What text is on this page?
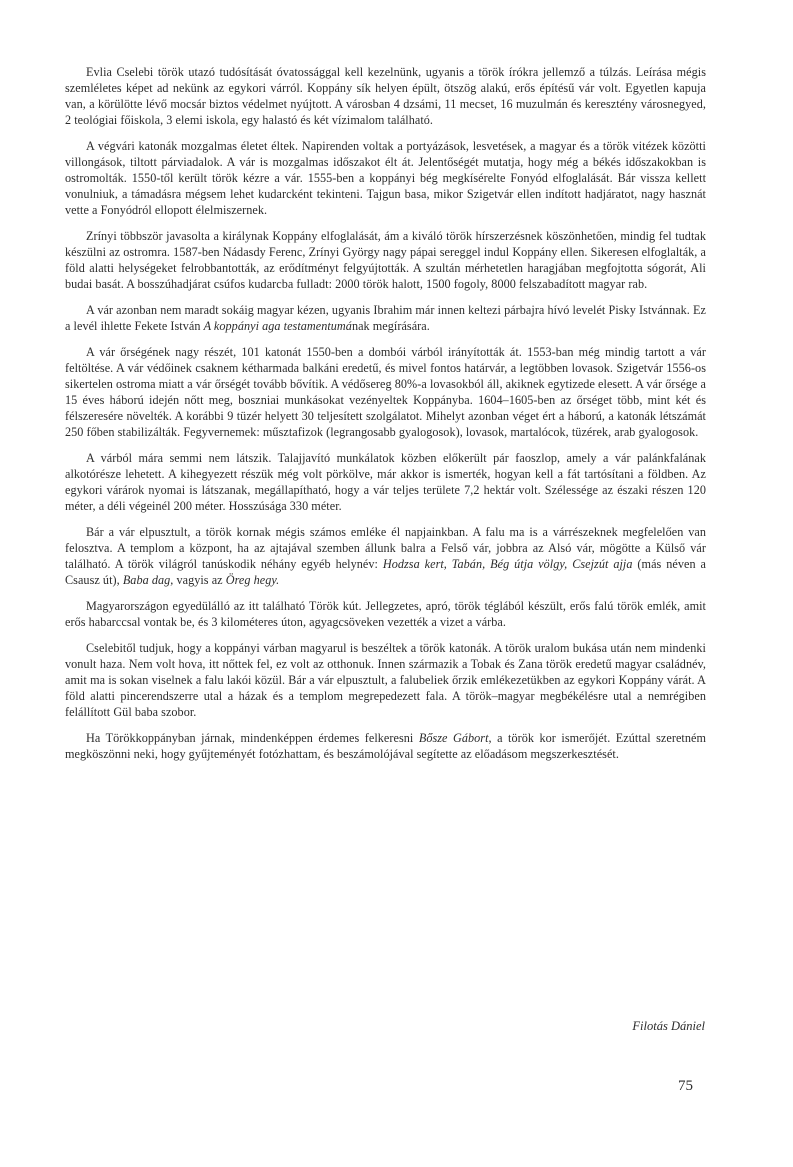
Evlia Cselebi török utazó tudósítását óvatossággal kell kezelnünk, ugyanis a török írókra jellemző a túlzás. Leírása mégis szemléletes képet ad nekünk az egykori várról. Koppány sík helyen épült, ötszög alakú, erős építésű vár volt. Egyetlen kapuja van, a körülötte lévő mocsár biztos védelmet nyújtott. A városban 4 dzsámi, 11 mecset, 16 muzulmán és keresztény városnegyed, 2 teológiai főiskola, 3 elemi iskola, egy halastó és két vízimalom található.

A végvári katonák mozgalmas életet éltek. Napirenden voltak a portyázások, lesvetések, a magyar és a török vitézek közötti villongások, tiltott párviadalok. A vár is mozgalmas időszakot élt át. Jelentőségét mutatja, hogy még a békés időszakokban is ostromolták. 1550-től került török kézre a vár. 1555-ben a koppányi bég megkísérelte Fonyód elfoglalását. Bár vissza kellett vonulniuk, a támadásra mégsem lehet kudarcként tekinteni. Tajgun basa, mikor Szigetvár ellen indított hadjáratot, nagy hasznát vette a Fonyódról ellopott élelmiszernek.

Zrínyi többször javasolta a királynak Koppány elfoglalását, ám a kiváló török hírszerzésnek köszönhetően, mindig fel tudtak készülni az ostromra. 1587-ben Nádasdy Ferenc, Zrínyi György nagy pápai sereggel indul Koppány ellen. Sikeresen elfoglalták, a föld alatti helységeket felrobbantották, az erődítményt felgyújtották. A szultán mérhetetlen haragjában megfojtotta sógorát, Ali budai basát. A bosszúhadjárat csúfos kudarcba fulladt: 2000 török halott, 1500 fogoly, 8000 felszabadított magyar rab.

A vár azonban nem maradt sokáig magyar kézen, ugyanis Ibrahim már innen keltezi párbajra hívó levelét Pisky Istvánnak. Ez a levél ihlette Fekete István A koppányi aga testamentumának megírására.

A vár őrségének nagy részét, 101 katonát 1550-ben a dombói várból irányították át. 1553-ban még mindig tartott a vár feltöltése. A vár védőinek csaknem kétharmada balkáni eredetű, és mivel fontos határvár, a legtöbben lovasok. Szigetvár 1556-os sikertelen ostroma miatt a vár őrségét tovább bővítik. A védősereg 80%-a lovasokból áll, akiknek egytizede elesett. A vár őrsége a 15 éves háború idején nőtt meg, boszniai munkásokat vezényeltek Koppányba. 1604–1605-ben az őrséget több, mint két és félszeresére növelték. A korábbi 9 tüzér helyett 30 teljesített szolgálatot. Mihelyt azonban véget ért a háború, a katonák létszámát 250 főben stabilizálták. Fegyvernemek: műsztafizok (legrangosabb gyalogosok), lovasok, martalócok, tüzérek, arab gyalogosok.

A várból mára semmi nem látszik. Talajjavító munkálatok közben előkerült pár faoszlop, amely a vár palánkfalának alkotórésze lehetett. A kihegyezett részük még volt pörkölve, már akkor is ismerték, hogyan kell a fát tartósítani a földben. Az egykori várárok nyomai is látszanak, megállapítható, hogy a vár teljes területe 7,2 hektár volt. Szélessége az északi részen 120 méter, a déli végeinél 200 méter. Hosszúsága 330 méter.

Bár a vár elpusztult, a török kornak mégis számos emléke él napjainkban. A falu ma is a várrészeknek megfelelően van felosztva. A templom a központ, ha az ajtajával szemben állunk balra a Felső vár, jobbra az Alsó vár, mögötte a Külső vár található. A török világról tanúskodik néhány egyéb helynév: Hodzsa kert, Tabán, Bég útja völgy, Csejzút ajja (más néven a Csausz út), Baba dag, vagyis az Öreg hegy.

Magyarországon egyedülálló az itt található Török kút. Jellegzetes, apró, török téglából készült, erős falú török emlék, amit erős habarccsal vontak be, és 3 kilométeres úton, agyagcsöveken vezették a vizet a várba.

Cselebitől tudjuk, hogy a koppányi várban magyarul is beszéltek a török katonák. A török uralom bukása után nem mindenki vonult haza. Nem volt hova, itt nőttek fel, ez volt az otthonuk. Innen származik a Tobak és Zana török eredetű magyar családnév, amit ma is sokan viselnek a falu lakói közül. Bár a vár elpusztult, a falubeliek őrzik emlékezetükben az egykori Koppány várát. A föld alatti pincerendszerre utal a házak és a templom megrepedezett fala. A török–magyar megbékélésre utal a nemrégiben felállított Gül baba szobor.

Ha Törökkoppányban járnak, mindenképpen érdemes felkeresni Bősze Gábort, a török kor ismerőjét. Ezúttal szeretném megköszönni neki, hogy gyűjteményét fotózhattam, és beszámolójával segítette az előadásom megszerkesztését.

Filotás Dániel
75
